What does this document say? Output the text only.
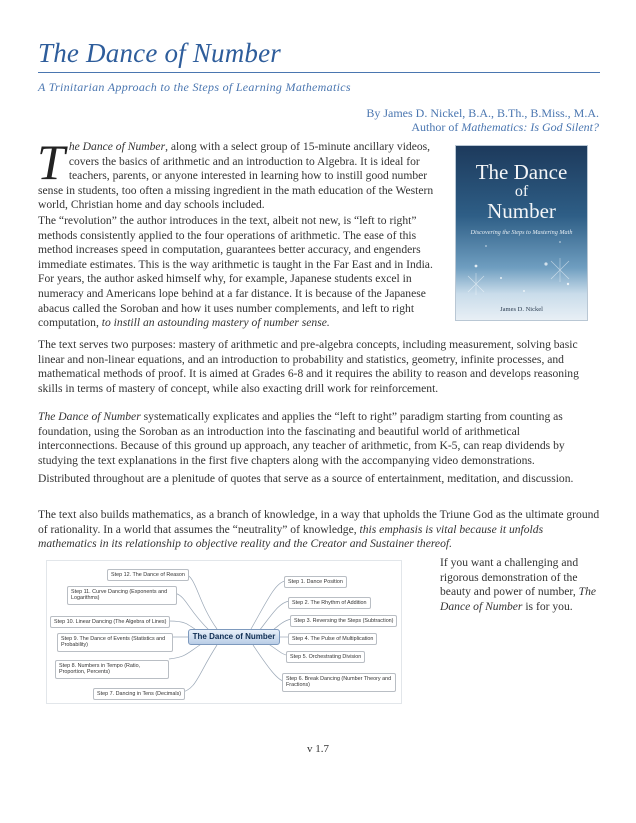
The Dance of Number
A Trinitarian Approach to the Steps of Learning Mathematics
By James D. Nickel, B.A., B.Th., B.Miss., M.A.
Author of Mathematics: Is God Silent?
The Dance of Number, along with a select group of 15-minute ancillary videos, covers the basics of arithmetic and an introduction to Algebra. It is ideal for teachers, parents, or anyone interested in learning how to instill good number sense in students, too often a missing ingredient in the math education of the Western world, Christian home and day schools included.
The “revolution” the author introduces in the text, albeit not new, is “left to right” methods consistently applied to the four operations of arithmetic. The ease of this method increases speed in computation, guarantees better accuracy, and engenders immediate estimates. This is the way arithmetic is taught in the Far East and in India. For years, the author asked himself why, for example, Japanese students excel in numeracy and Americans lope behind at a far distance. It is because of the Japanese abacus called the Soroban and how it uses number complements, and left to right computation, to instill an astounding mastery of number sense.
The Dance
of
Number
Discovering the Steps to Mastering Math
James D. Nickel
The text serves two purposes: mastery of arithmetic and pre-algebra concepts, including measurement, solving basic linear and non-linear equations, and an introduction to probability and statistics, geometry, infinite processes, and mathematical methods of proof. It is aimed at Grades 6-8 and it requires the ability to reason and develops reasoning skills in terms of mastery of concept, while also exacting drill work for reinforcement.
The Dance of Number systematically explicates and applies the “left to right” paradigm starting from counting as foundation, using the Soroban as an introduction into the fascinating and beautiful world of arithmetical interconnections. Because of this ground up approach, any teacher of arithmetic, from K-5, can reap dividends by studying the text explanations in the first five chapters along with the accompanying video demonstrations.
Distributed throughout are a plenitude of quotes that serve as a source of entertainment, meditation, and discussion.
The text also builds mathematics, as a branch of knowledge, in a way that upholds the Triune God as the ultimate ground of rationality. In a world that assumes the “neutrality” of knowledge, this emphasis is vital because it unfolds mathematics in its relationship to objective reality and the Creator and Sustainer thereof.
The Dance of Number
Step 12. The Dance of Reason
Step 11. Curve Dancing (Exponents and Logarithms)
Step 10. Linear Dancing (The Algebra of Lines)
Step 9. The Dance of Events (Statistics and Probability)
Step 8. Numbers in Tempo (Ratio, Proportion, Percents)
Step 7. Dancing in Tens (Decimals)
Step 1. Dance Position
Step 2. The Rhythm of Addition
Step 3. Reversing the Steps (Subtraction)
Step 4. The Pulse of Multiplication
Step 5. Orchestrating Division
Step 6. Break Dancing (Number Theory and Fractions)
If you want a challenging and rigorous demonstration of the beauty and power of number, The Dance of Number is for you.
v 1.7
